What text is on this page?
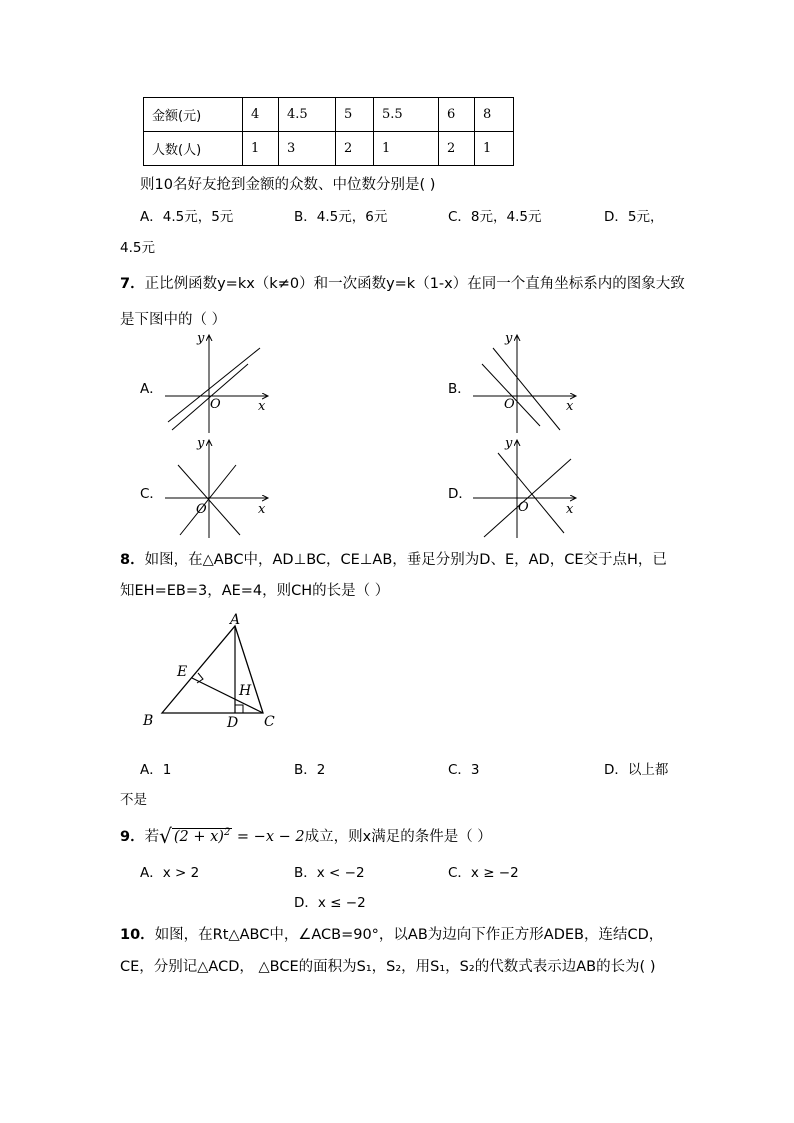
金额(元)	4	4.5	5	5.5	6	8
人数(人)	1	3	2	1	2	1
则10名好友抢到金额的众数、中位数分别是( )
A．4.5元，5元	B．4.5元，6元	C．8元，4.5元	D．5元，
4.5元
7．正比例函数y=kx（k≠0）和一次函数y=k（1-x）在同一个直角坐标系内的图象大致
是下图中的（ ）
A．	B．
C．	D．
x
y
O	x
y
O
x
y
O	x
y
O
8．如图，在△ABC中，AD⊥BC，CE⊥AB，垂足分别为D、E，AD，CE交于点H，已
知EH=EB=3，AE=4，则CH的长是（ ）
A
B	C
D
E
H
A．1	B．2	C．3	D．以上都
不是
9．若√ $(2 + x)^2 = -x - 2$成立，则x满足的条件是（ ）
A．x > 2	B．x < −2	C．x ≥ −2
D．x ≤ −2
10．如图，在Rt△ABC中，∠ACB=90°，以AB为边向下作正方形ADEB，连结CD，
CE，分别记△ACD， △BCE的面积为S₁，S₂，用S₁，S₂的代数式表示边AB的长为( )
